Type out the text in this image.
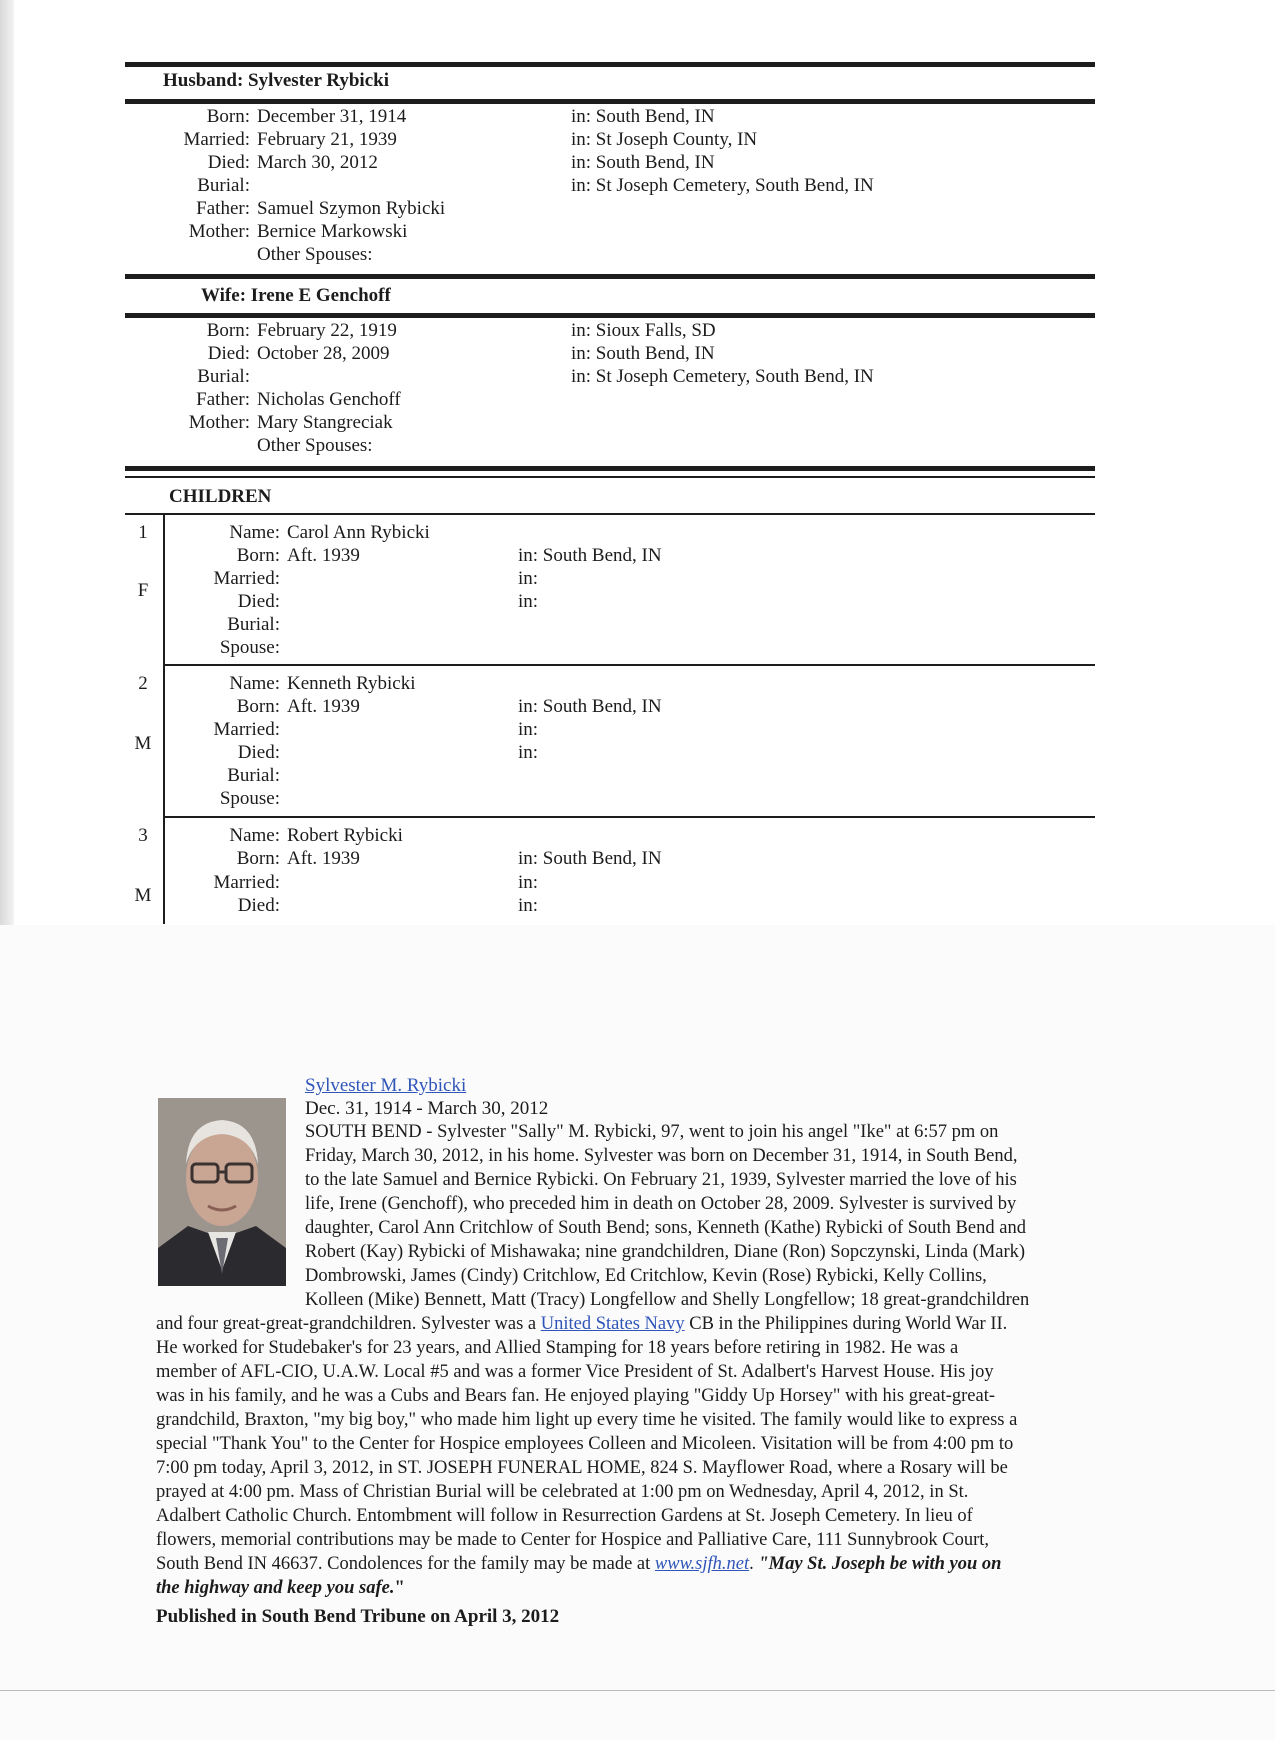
Husband: Sylvester Rybicki
Born: December 31, 1914	in: South Bend, IN
Married: February 21, 1939	in: St Joseph County, IN
Died: March 30, 2012	in: South Bend, IN
Burial:	in: St Joseph Cemetery, South Bend, IN
Father: Samuel Szymon Rybicki
Mother: Bernice Markowski
Other Spouses:
Wife: Irene E Genchoff
Born: February 22, 1919	in: Sioux Falls, SD
Died: October 28, 2009	in: South Bend, IN
Burial:	in: St Joseph Cemetery, South Bend, IN
Father: Nicholas Genchoff
Mother: Mary Stangreciak
Other Spouses:
CHILDREN
1
F
Name: Carol Ann Rybicki
Born: Aft. 1939	in: South Bend, IN
Married:	in:
Died:	in:
Burial:
Spouse:
2
M
Name: Kenneth Rybicki
Born: Aft. 1939	in: South Bend, IN
Married:	in:
Died:	in:
Burial:
Spouse:
3
M
Name: Robert Rybicki
Born: Aft. 1939	in: South Bend, IN
Married:	in:
Died:	in:
Sylvester M. Rybicki
Dec. 31, 1914 - March 30, 2012
SOUTH BEND - Sylvester "Sally" M. Rybicki, 97, went to join his angel "Ike" at 6:57 pm on
Friday, March 30, 2012, in his home. Sylvester was born on December 31, 1914, in South Bend,
to the late Samuel and Bernice Rybicki. On February 21, 1939, Sylvester married the love of his
life, Irene (Genchoff), who preceded him in death on October 28, 2009. Sylvester is survived by
daughter, Carol Ann Critchlow of South Bend; sons, Kenneth (Kathe) Rybicki of South Bend and
Robert (Kay) Rybicki of Mishawaka; nine grandchildren, Diane (Ron) Sopczynski, Linda (Mark)
Dombrowski, James (Cindy) Critchlow, Ed Critchlow, Kevin (Rose) Rybicki, Kelly Collins,
Kolleen (Mike) Bennett, Matt (Tracy) Longfellow and Shelly Longfellow; 18 great-grandchildren
and four great-great-grandchildren. Sylvester was a United States Navy CB in the Philippines during World War II.
He worked for Studebaker's for 23 years, and Allied Stamping for 18 years before retiring in 1982. He was a
member of AFL-CIO, U.A.W. Local #5 and was a former Vice President of St. Adalbert's Harvest House. His joy
was in his family, and he was a Cubs and Bears fan. He enjoyed playing "Giddy Up Horsey" with his great-great-
grandchild, Braxton, "my big boy," who made him light up every time he visited. The family would like to express a
special "Thank You" to the Center for Hospice employees Colleen and Micoleen. Visitation will be from 4:00 pm to
7:00 pm today, April 3, 2012, in ST. JOSEPH FUNERAL HOME, 824 S. Mayflower Road, where a Rosary will be
prayed at 4:00 pm. Mass of Christian Burial will be celebrated at 1:00 pm on Wednesday, April 4, 2012, in St.
Adalbert Catholic Church. Entombment will follow in Resurrection Gardens at St. Joseph Cemetery. In lieu of
flowers, memorial contributions may be made to Center for Hospice and Palliative Care, 111 Sunnybrook Court,
South Bend IN 46637. Condolences for the family may be made at www.sjfh.net. "May St. Joseph be with you on
the highway and keep you safe."
Published in South Bend Tribune on April 3, 2012
